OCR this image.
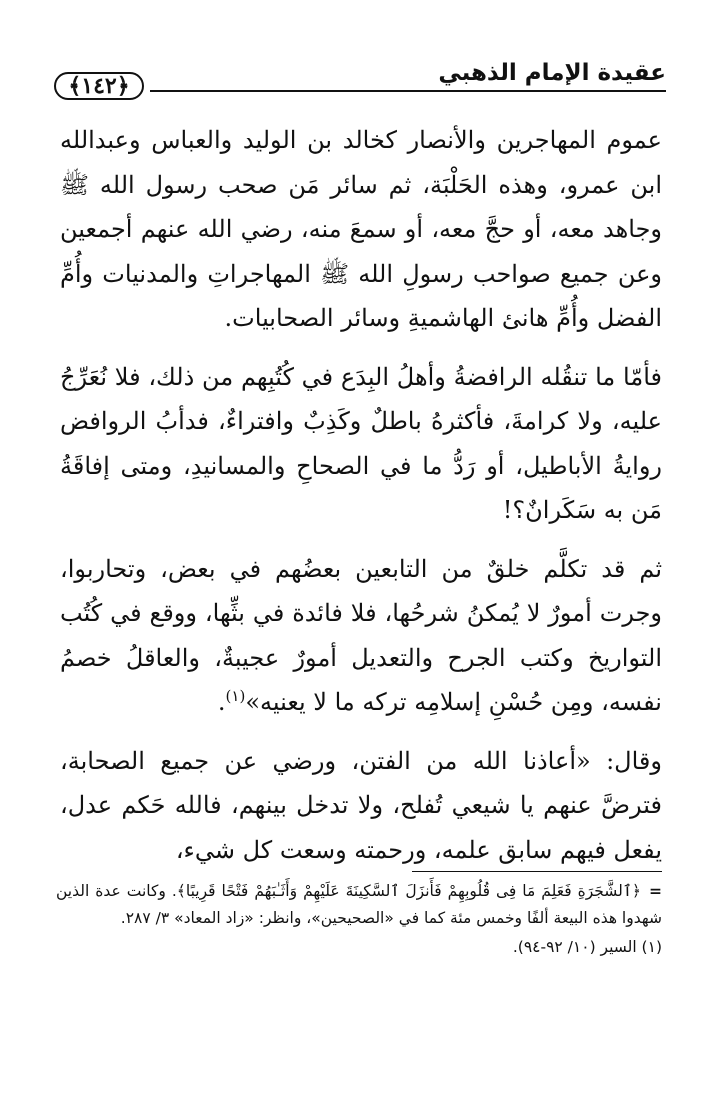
﴿١٤٢﴾	عقيدة الإمام الذهبي

عموم المهاجرين والأنصار كخالد بن الوليد والعباس وعبدالله ابن عمرو، وهذه الحَلْبَة، ثم سائر مَن صحب رسول الله ﷺ وجاهد معه، أو حجَّ معه، أو سمعَ منه، رضي الله عنهم أجمعين وعن جميع صواحب رسولِ الله ﷺ المهاجراتِ والمدنيات وأُمِّ الفضل وأُمِّ هانئ الهاشميةِ وسائر الصحابيات.

فأمّا ما تنقُله الرافضةُ وأهلُ البِدَع في كُتُبِهم من ذلك، فلا نُعَرِّجُ عليه، ولا كرامةَ، فأكثرهُ باطلٌ وكَذِبٌ وافتراءٌ، فدأبُ الروافض روايةُ الأباطيل، أو رَدُّ ما في الصحاحِ والمسانيدِ، ومتى إفاقَةُ مَن به سَكَرانٌ؟!

ثم قد تكلَّم خلقٌ من التابعين بعضُهم في بعض، وتحاربوا، وجرت أمورٌ لا يُمكنُ شرحُها، فلا فائدة في بثِّها، ووقع في كُتُب التواريخ وكتب الجرح والتعديل أمورٌ عجيبةٌ، والعاقلُ خصمُ نفسه، ومِن حُسْنِ إسلامِه تركه ما لا يعنيه»$^{(١)}$.

وقال: «أعاذنا الله من الفتن، ورضي عن جميع الصحابة، فترضَّ عنهم يا شيعي تُفلح، ولا تدخل بينهم، فالله حَكم عدل، يفعل فيهم سابق علمه، ورحمته وسعت كل شيء،

=﴿ٱلشَّجَرَةِ فَعَلِمَ مَا فِى قُلُوبِهِمْ فَأَنزَلَ ٱلسَّكِينَةَ عَلَيْهِمْ وَأَثَـٰبَهُمْ فَتْحًا قَرِيبًا﴾. وكانت عدة الذين شهدوا هذه البيعة ألفًا وخمس مئة كما في «الصحيحين»، وانظر: «زاد المعاد» ٣/ ٢٨٧.

(١) السير (١٠/ ٩٢-٩٤).
